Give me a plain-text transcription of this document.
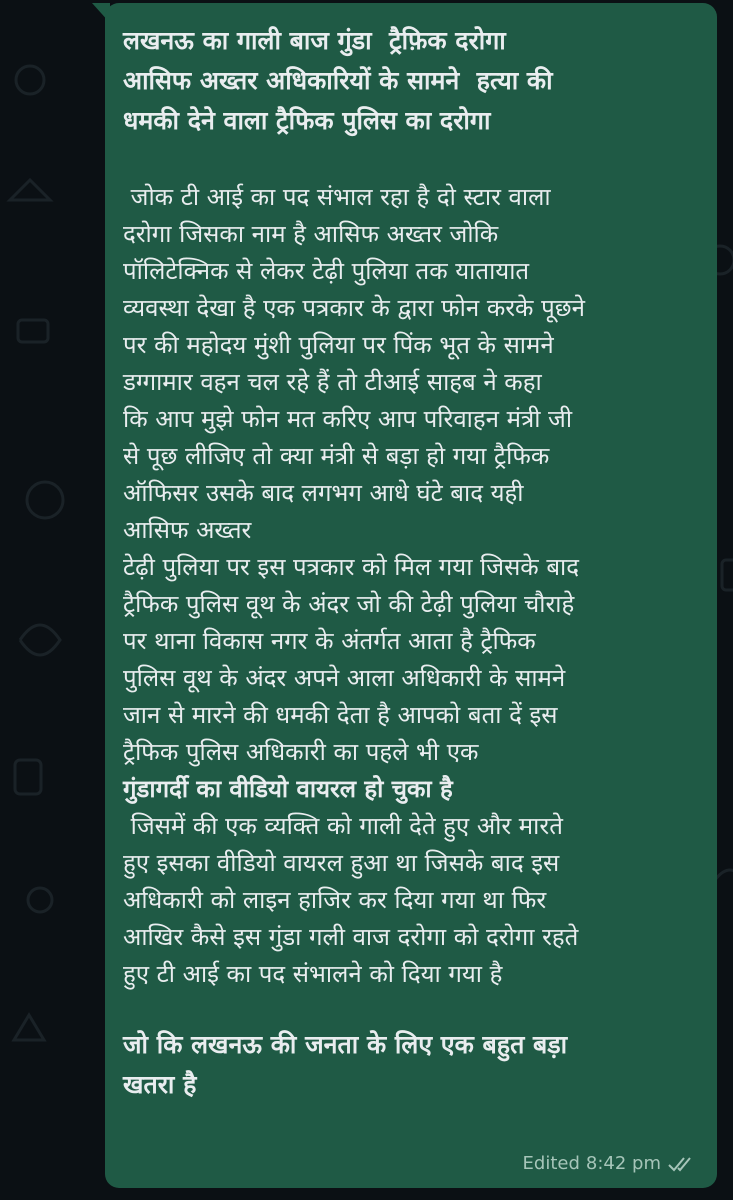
लखनऊ का गाली बाज गुंडा  ट्रैफ़िक दरोगा
आसिफ अख्तर अधिकारियों के सामने  हत्या की
धमकी देने वाला ट्रैफिक पुलिस का दरोगा
जोक टी आई का पद संभाल रहा है दो स्टार वाला
दरोगा जिसका नाम है आसिफ अख्तर जोकि
पॉलिटेक्निक से लेकर टेढ़ी पुलिया तक यातायात
व्यवस्था देखा है एक पत्रकार के द्वारा फोन करके पूछने
पर की महोदय मुंशी पुलिया पर पिंक भूत के सामने
डग्गामार वहन चल रहे हैं तो टीआई साहब ने कहा
कि आप मुझे फोन मत करिए आप परिवाहन मंत्री जी
से पूछ लीजिए तो क्या मंत्री से बड़ा हो गया ट्रैफिक
ऑफिसर उसके बाद लगभग आधे घंटे बाद यही
आसिफ अख्तर
टेढ़ी पुलिया पर इस पत्रकार को मिल गया जिसके बाद
ट्रैफिक पुलिस वूथ के अंदर जो की टेढ़ी पुलिया चौराहे
पर थाना विकास नगर के अंतर्गत आता है ट्रैफिक
पुलिस वूथ के अंदर अपने आला अधिकारी के सामने
जान से मारने की धमकी देता है आपको बता दें इस
ट्रैफिक पुलिस अधिकारी का पहले भी एक
गुंडागर्दी का वीडियो वायरल हो चुका है
जिसमें की एक व्यक्ति को गाली देते हुए और मारते
हुए इसका वीडियो वायरल हुआ था जिसके बाद इस
अधिकारी को लाइन हाजिर कर दिया गया था फिर
आखिर कैसे इस गुंडा गली वाज दरोगा को दरोगा रहते
हुए टी आई का पद संभालने को दिया गया है
जो कि लखनऊ की जनता के लिए एक बहुत बड़ा
खतरा है
Edited 8:42 pm
